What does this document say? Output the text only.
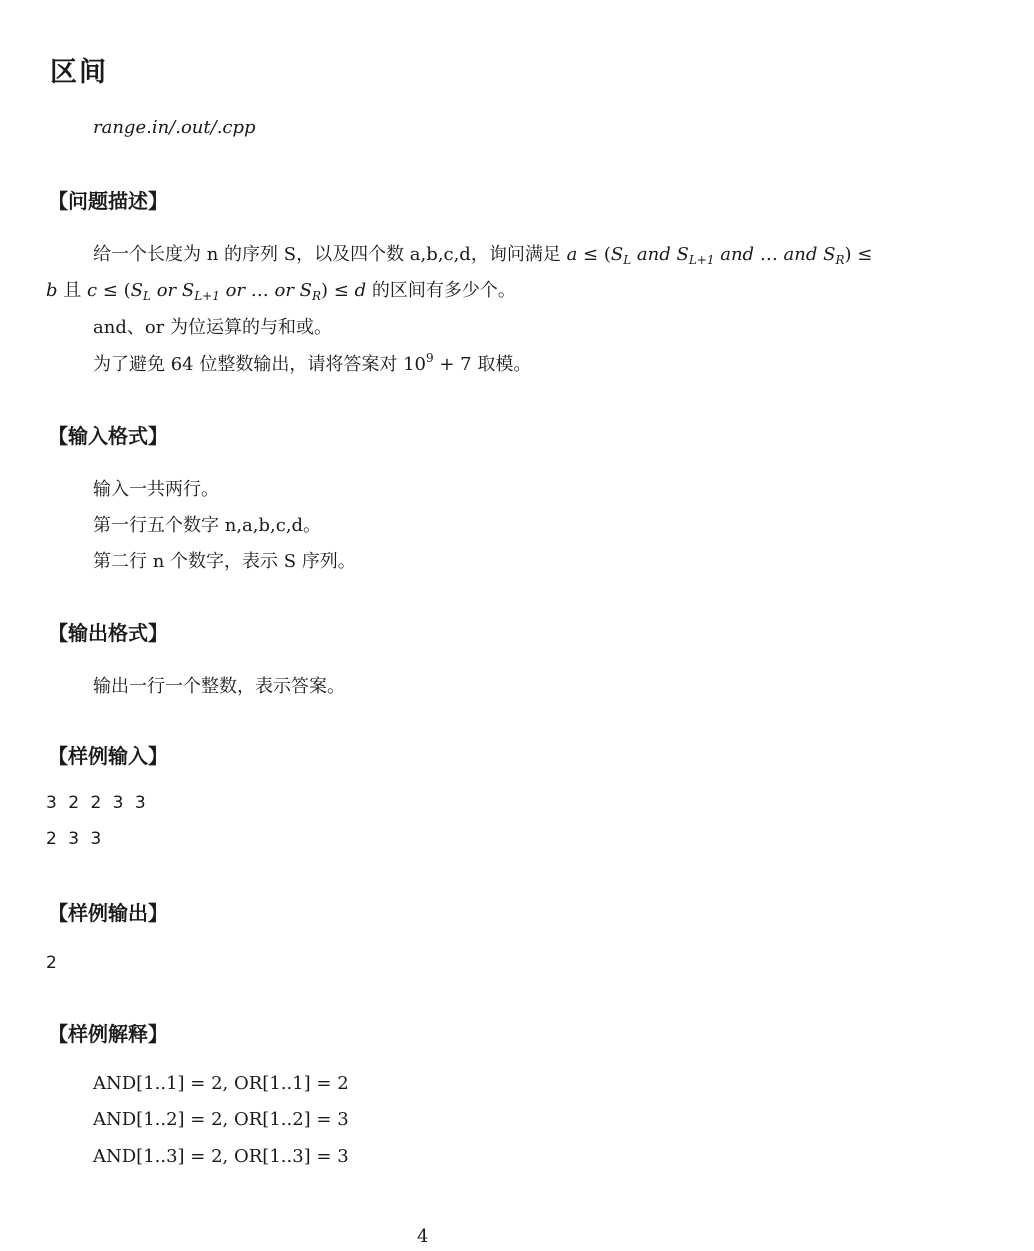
区间
range.in/.out/.cpp
【问题描述】
给一个长度为 n 的序列 S，以及四个数 a,b,c,d，询问满足 $a \le (S_L$ and $S_{L+1}$ and … and $S_R$) ≤
b 且 $c \le (S_L$ or $S_{L+1}$ or … or $S_R) \le d$ 的区间有多少个。
and、or 为位运算的与和或。
为了避免 64 位整数输出，请将答案对 $10^9 + 7$ 取模。
【输入格式】
输入一共两行。
第一行五个数字 n,a,b,c,d。
第二行 n 个数字，表示 S 序列。
【输出格式】
输出一行一个整数，表示答案。
【样例输入】
3 2 2 3 3
2 3 3
【样例输出】
2
【样例解释】
AND[1..1] = 2, OR[1..1] = 2
AND[1..2] = 2, OR[1..2] = 3
AND[1..3] = 2, OR[1..3] = 3
4
